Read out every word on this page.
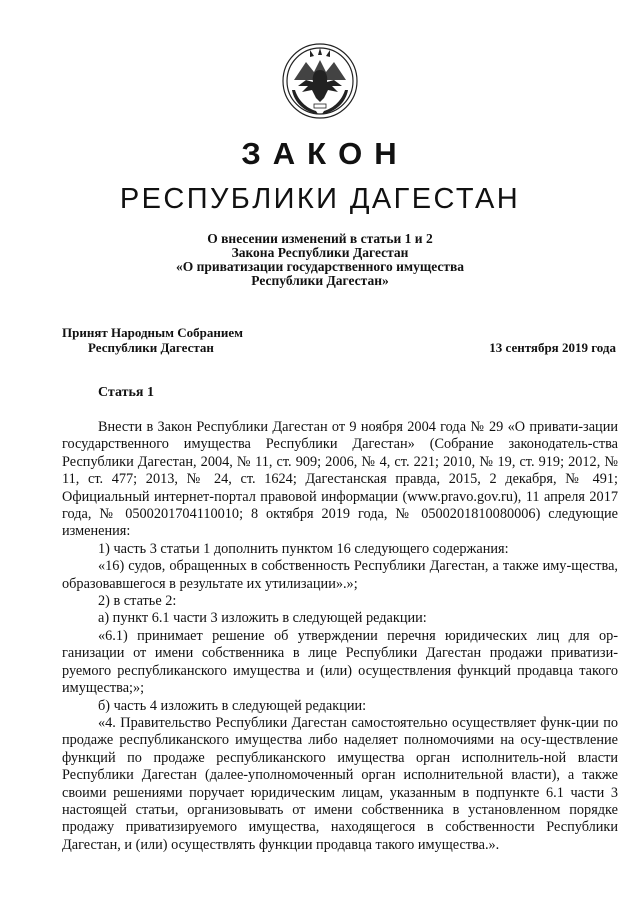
ЗАКОН
РЕСПУБЛИКИ ДАГЕСТАН
О внесении изменений в статьи 1 и 2
Закона Республики Дагестан
«О приватизации государственного имущества
Республики Дагестан»
Принят Народным Собранием
Республики Дагестан	13 сентября 2019 года
Статья 1

Внести в Закон Республики Дагестан от 9 ноября 2004 года № 29 «О привати-зации государственного имущества Республики Дагестан» (Собрание законодатель-ства Республики Дагестан, 2004, № 11, ст. 909; 2006, № 4, ст. 221; 2010, № 19, ст. 919; 2012, № 11, ст. 477; 2013, № 24, ст. 1624; Дагестанская правда, 2015, 2 декабря, № 491; Официальный интернет-портал правовой информации (www.pravo.gov.ru), 11 апреля 2017 года, № 0500201704110010; 8 октября 2019 года, № 0500201810080006) следующие изменения:

1) часть 3 статьи 1 дополнить пунктом 16 следующего содержания:

«16) судов, обращенных в собственность Республики Дагестан, а также иму-щества, образовавшегося в результате их утилизации».»;

2) в статье 2:

а) пункт 6.1 части 3 изложить в следующей редакции:

«6.1) принимает решение об утверждении перечня юридических лиц для ор-ганизации от имени собственника в лице Республики Дагестан продажи приватизи-руемого республиканского имущества и (или) осуществления функций продавца такого имущества;»;

б) часть 4 изложить в следующей редакции:

«4. Правительство Республики Дагестан самостоятельно осуществляет функ-ции по продаже республиканского имущества либо наделяет полномочиями на осу-ществление функций по продаже республиканского имущества орган исполнитель-ной власти Республики Дагестан (далее-уполномоченный орган исполнительной власти), а также своими решениями поручает юридическим лицам, указанным в подпункте 6.1 части 3 настоящей статьи, организовывать от имени собственника в установленном порядке продажу приватизируемого имущества, находящегося в собственности Республики Дагестан, и (или) осуществлять функции продавца такого имущества.».
